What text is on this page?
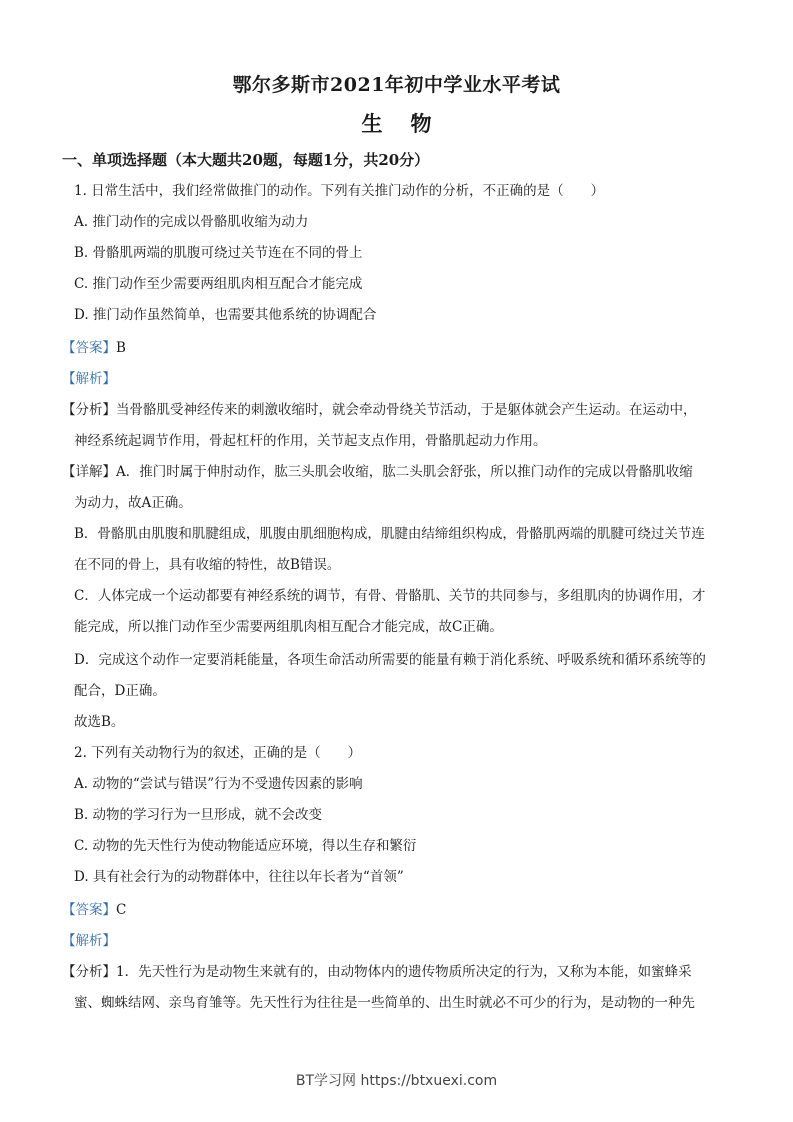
鄂尔多斯市2021年初中学业水平考试
生物
一、单项选择题（本大题共20题，每题1分，共20分）
1. 日常生活中，我们经常做推门的动作。下列有关推门动作的分析，不正确的是（　　）
A. 推门动作的完成以骨骼肌收缩为动力
B. 骨骼肌两端的肌腹可绕过关节连在不同的骨上
C. 推门动作至少需要两组肌肉相互配合才能完成
D. 推门动作虽然简单，也需要其他系统的协调配合
【答案】B
【解析】
【分析】当骨骼肌受神经传来的刺激收缩时，就会牵动骨绕关节活动，于是躯体就会产生运动。在运动中，
神经系统起调节作用，骨起杠杆的作用，关节起支点作用，骨骼肌起动力作用。
【详解】A．推门时属于伸肘动作，肱三头肌会收缩，肱二头肌会舒张，所以推门动作的完成以骨骼肌收缩
为动力，故A正确。
B．骨骼肌由肌腹和肌腱组成，肌腹由肌细胞构成，肌腱由结缔组织构成，骨骼肌两端的肌腱可绕过关节连
在不同的骨上，具有收缩的特性，故B错误。
C．人体完成一个运动都要有神经系统的调节，有骨、骨骼肌、关节的共同参与，多组肌肉的协调作用，才
能完成，所以推门动作至少需要两组肌肉相互配合才能完成，故C正确。
D．完成这个动作一定要消耗能量，各项生命活动所需要的能量有赖于消化系统、呼吸系统和循环系统等的
配合，D正确。
故选B。
2. 下列有关动物行为的叙述，正确的是（　　）
A. 动物的“尝试与错误”行为不受遗传因素的影响
B. 动物的学习行为一旦形成，就不会改变
C. 动物的先天性行为使动物能适应环境，得以生存和繁衍
D. 具有社会行为的动物群体中，往往以年长者为“首领”
【答案】C
【解析】
【分析】1．先天性行为是动物生来就有的，由动物体内的遗传物质所决定的行为，又称为本能，如蜜蜂采
蜜、蜘蛛结网、亲鸟育雏等。先天性行为往往是一些简单的、出生时就必不可少的行为，是动物的一种先
BT学习网 https://btxuexi.com
